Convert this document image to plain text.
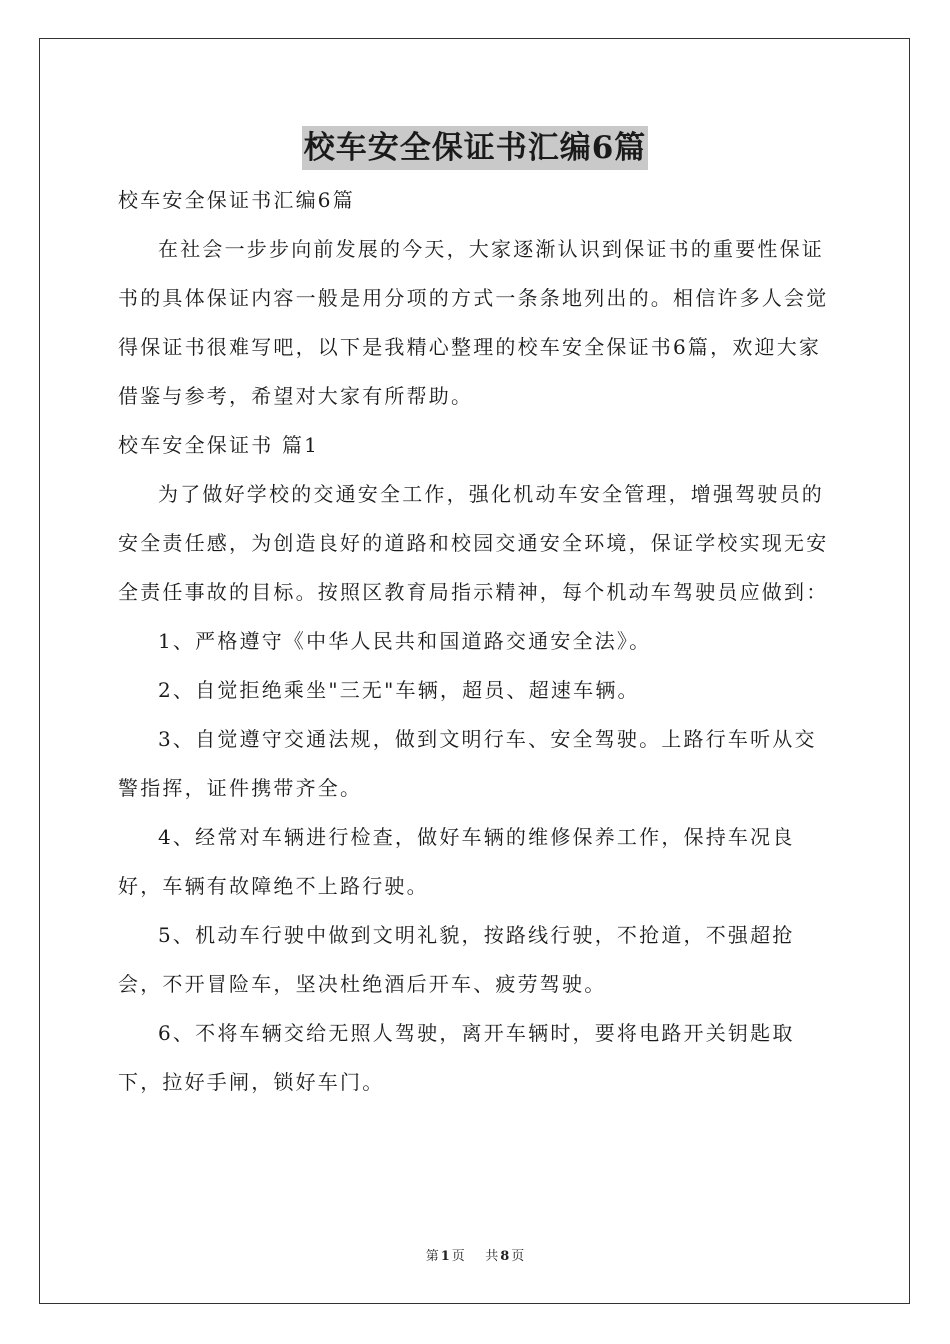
校车安全保证书汇编6篇

校车安全保证书汇编6篇

在社会一步步向前发展的今天，大家逐渐认识到保证书的重要性保证书的具体保证内容一般是用分项的方式一条条地列出的。相信许多人会觉得保证书很难写吧，以下是我精心整理的校车安全保证书6篇，欢迎大家借鉴与参考，希望对大家有所帮助。

校车安全保证书 篇1

为了做好学校的交通安全工作，强化机动车安全管理，增强驾驶员的安全责任感，为创造良好的道路和校园交通安全环境，保证学校实现无安全责任事故的目标。按照区教育局指示精神，每个机动车驾驶员应做到：

1、严格遵守《中华人民共和国道路交通安全法》。

2、自觉拒绝乘坐"三无"车辆，超员、超速车辆。

3、自觉遵守交通法规，做到文明行车、安全驾驶。上路行车听从交警指挥，证件携带齐全。

4、经常对车辆进行检查，做好车辆的维修保养工作，保持车况良好，车辆有故障绝不上路行驶。

5、机动车行驶中做到文明礼貌，按路线行驶，不抢道，不强超抢会，不开冒险车，坚决杜绝酒后开车、疲劳驾驶。

6、不将车辆交给无照人驾驶，离开车辆时，要将电路开关钥匙取下，拉好手闸，锁好车门。

第 1 页 共 8 页
